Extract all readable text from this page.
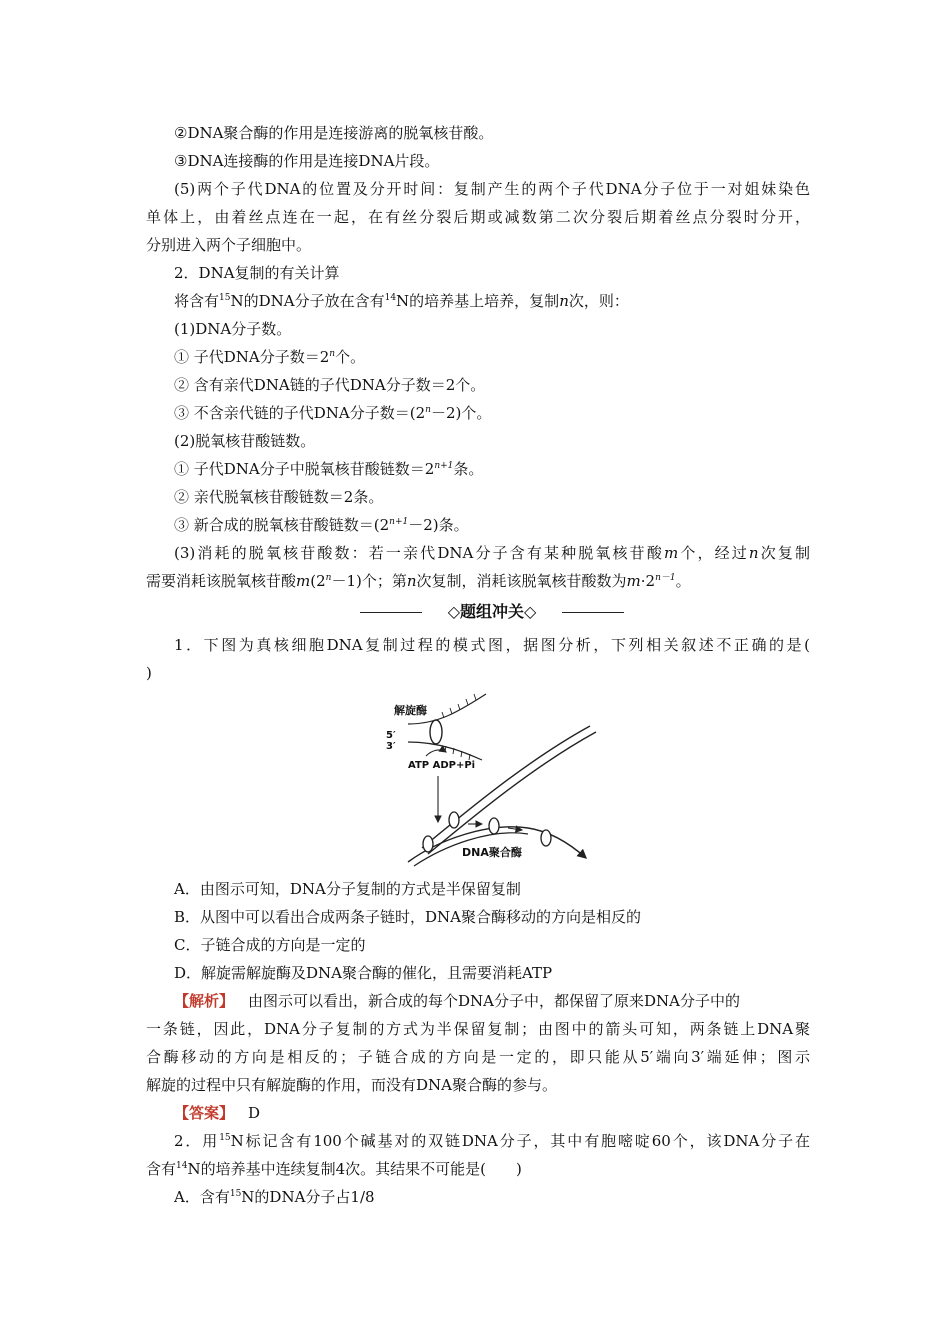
②DNA聚合酶的作用是连接游离的脱氧核苷酸。
③DNA连接酶的作用是连接DNA片段。
(5)两个子代DNA的位置及分开时间：复制产生的两个子代DNA分子位于一对姐妹染色
单体上，由着丝点连在一起，在有丝分裂后期或减数第二次分裂后期着丝点分裂时分开，
分别进入两个子细胞中。
2．DNA复制的有关计算
将含有$^{15}$N的DNA分子放在含有$^{14}$N的培养基上培养，复制n次，则：
(1)DNA分子数。
① 子代DNA分子数$=2^n$个。
② 含有亲代DNA链的子代DNA分子数＝2个。
③ 不含亲代链的子代DNA分子数$=(2^n-2)$个。
(2)脱氧核苷酸链数。
① 子代DNA分子中脱氧核苷酸链数$=2^{n+1}$条。
② 亲代脱氧核苷酸链数＝2条。
③ 新合成的脱氧核苷酸链数$=(2^{n+1}-2)$条。
(3)消耗的脱氧核苷酸数：若一亲代DNA分子含有某种脱氧核苷酸m个，经过n次复制
需要消耗该脱氧核苷酸$m(2^n-1)$个；第n次复制，消耗该脱氧核苷酸数为$m\cdot 2^{n-1}$。
◇题组冲关◇
1．下图为真核细胞DNA复制过程的模式图，据图分析，下列相关叙述不正确的是(
)
解旋酶
5′
3′
ATP ADP+Pi
DNA聚合酶
A．由图示可知，DNA分子复制的方式是半保留复制
B．从图中可以看出合成两条子链时，DNA聚合酶移动的方向是相反的
C．子链合成的方向是一定的
D．解旋需解旋酶及DNA聚合酶的催化，且需要消耗ATP
【解析】 由图示可以看出，新合成的每个DNA分子中，都保留了原来DNA分子中的
一条链，因此，DNA分子复制的方式为半保留复制；由图中的箭头可知，两条链上DNA聚
合酶移动的方向是相反的；子链合成的方向是一定的，即只能从5′端向3′端延伸；图示
解旋的过程中只有解旋酶的作用，而没有DNA聚合酶的参与。
【答案】 D
2．用$^{15}$N标记含有100个碱基对的双链DNA分子，其中有胞嘧啶60个，该DNA分子在
含有$^{14}$N的培养基中连续复制4次。其结果不可能是(　　)
A．含有$^{15}$N的DNA分子占1/8
